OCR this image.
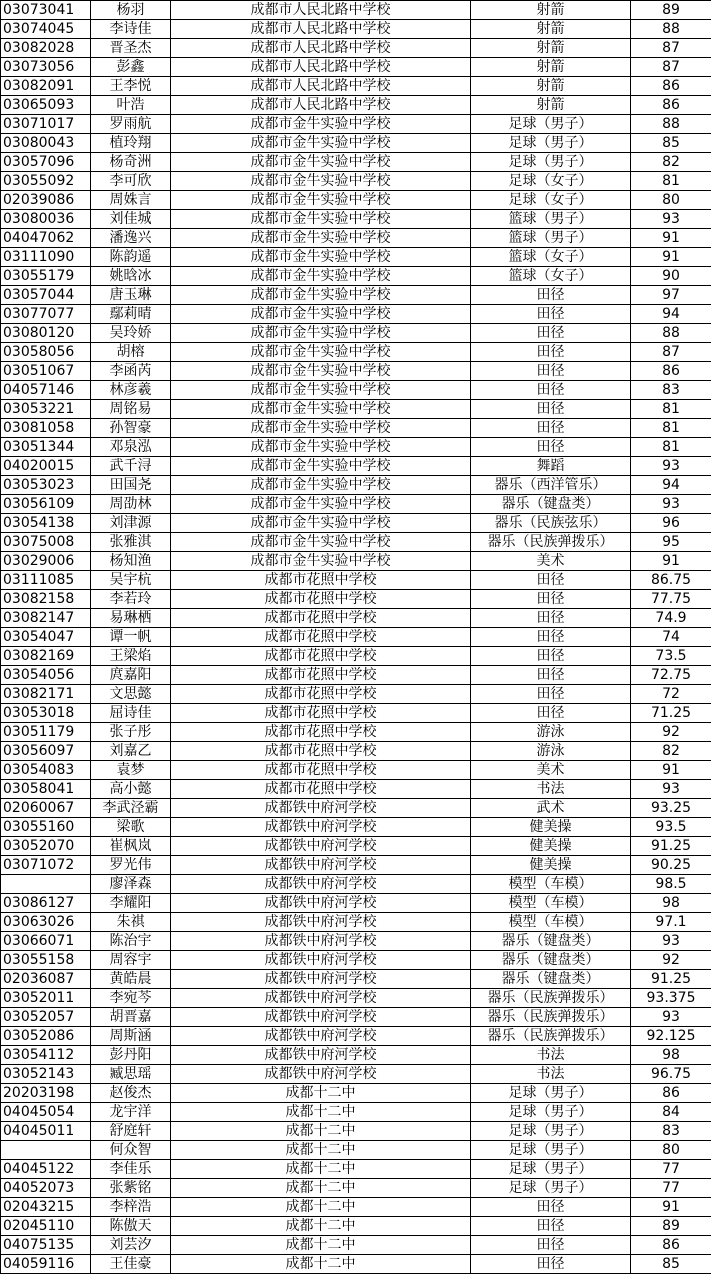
03073041	杨羽	成都市人民北路中学校	射箭	89
03074045	李诗佳	成都市人民北路中学校	射箭	88
03082028	晋圣杰	成都市人民北路中学校	射箭	87
03073056	彭鑫	成都市人民北路中学校	射箭	87
03082091	王李悦	成都市人民北路中学校	射箭	86
03065093	叶浩	成都市人民北路中学校	射箭	86
03071017	罗雨航	成都市金牛实验中学校	足球（男子）	88
03080043	植玲翔	成都市金牛实验中学校	足球（男子）	85
03057096	杨奇洲	成都市金牛实验中学校	足球（男子）	82
03055092	李可欣	成都市金牛实验中学校	足球（女子）	81
02039086	周姝言	成都市金牛实验中学校	足球（女子）	80
03080036	刘佳城	成都市金牛实验中学校	篮球（男子）	93
04047062	潘逸兴	成都市金牛实验中学校	篮球（男子）	91
03111090	陈韵遥	成都市金牛实验中学校	篮球（女子）	91
03055179	姚晗冰	成都市金牛实验中学校	篮球（女子）	90
03057044	唐玉琳	成都市金牛实验中学校	田径	97
03077077	鄢莉晴	成都市金牛实验中学校	田径	94
03080120	吴玲娇	成都市金牛实验中学校	田径	88
03058056	胡榕	成都市金牛实验中学校	田径	87
03051067	李函芮	成都市金牛实验中学校	田径	86
04057146	林彦羲	成都市金牛实验中学校	田径	83
03053221	周铭易	成都市金牛实验中学校	田径	81
03081058	孙智豪	成都市金牛实验中学校	田径	81
03051344	邓泉泓	成都市金牛实验中学校	田径	81
04020015	武千浔	成都市金牛实验中学校	舞蹈	93
03053023	田国尧	成都市金牛实验中学校	器乐（西洋管乐）	94
03056109	周劭林	成都市金牛实验中学校	器乐（键盘类）	93
03054138	刘津源	成都市金牛实验中学校	器乐（民族弦乐）	96
03075008	张雅淇	成都市金牛实验中学校	器乐（民族弹拨乐）	95
03029006	杨知渔	成都市金牛实验中学校	美术	91
03111085	吴宇杭	成都市花照中学校	田径	86.75
03082158	李若玲	成都市花照中学校	田径	77.75
03082147	易琳栖	成都市花照中学校	田径	74.9
03054047	谭一帆	成都市花照中学校	田径	74
03082169	王梁焰	成都市花照中学校	田径	73.5
03054056	庹嘉阳	成都市花照中学校	田径	72.75
03082171	文思懿	成都市花照中学校	田径	72
03053018	屈诗佳	成都市花照中学校	田径	71.25
03051179	张子彤	成都市花照中学校	游泳	92
03056097	刘嘉乙	成都市花照中学校	游泳	82
03054083	袁梦	成都市花照中学校	美术	91
03058041	高小懿	成都市花照中学校	书法	93
02060067	李武泾霸	成都铁中府河学校	武术	93.25
03055160	梁歌	成都铁中府河学校	健美操	93.5
03052070	崔枫岚	成都铁中府河学校	健美操	91.25
03071072	罗光伟	成都铁中府河学校	健美操	90.25
	廖泽森	成都铁中府河学校	模型（车模）	98.5
03086127	李耀阳	成都铁中府河学校	模型（车模）	98
03063026	朱祺	成都铁中府河学校	模型（车模）	97.1
03066071	陈治宇	成都铁中府河学校	器乐（键盘类）	93
03055158	周容宇	成都铁中府河学校	器乐（键盘类）	92
02036087	黄皓晨	成都铁中府河学校	器乐（键盘类）	91.25
03052011	李宛芩	成都铁中府河学校	器乐（民族弹拨乐）	93.375
03052057	胡晋嘉	成都铁中府河学校	器乐（民族弹拨乐）	93
03052086	周斯涵	成都铁中府河学校	器乐（民族弹拨乐）	92.125
03054112	彭丹阳	成都铁中府河学校	书法	98
03052143	臧思瑶	成都铁中府河学校	书法	96.75
20203198	赵俊杰	成都十二中	足球（男子）	86
04045054	龙宇洋	成都十二中	足球（男子）	84
04045011	舒庭轩	成都十二中	足球（男子）	83
	何众智	成都十二中	足球（男子）	80
04045122	李佳乐	成都十二中	足球（男子）	77
04052073	张紫铭	成都十二中	足球（男子）	77
02043215	李梓浩	成都十二中	田径	91
02045110	陈傲天	成都十二中	田径	89
04075135	刘芸汐	成都十二中	田径	86
04059116	王佳豪	成都十二中	田径	85
